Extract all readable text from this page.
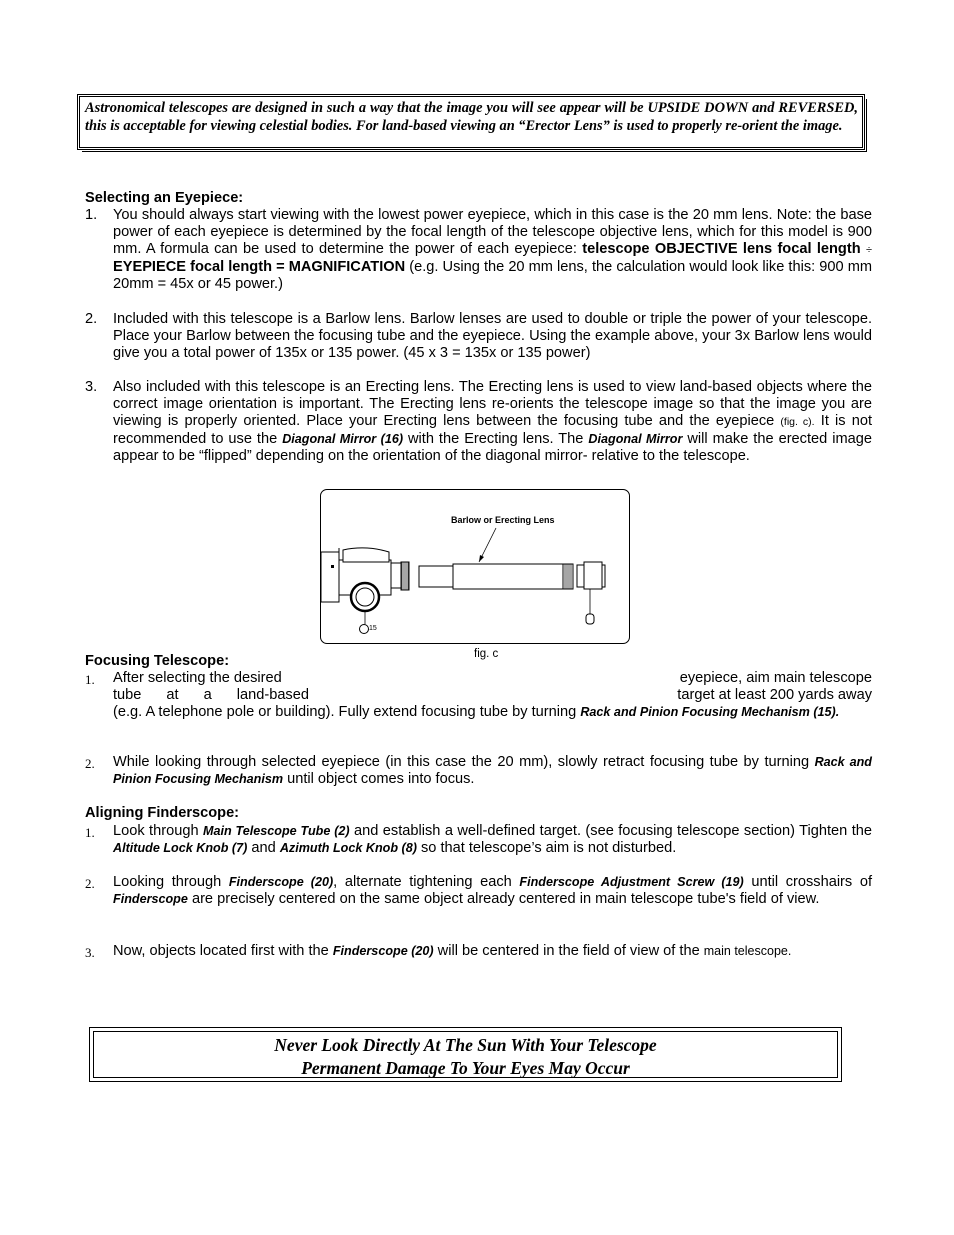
Astronomical telescopes are designed in such a way that the image you will see appear will be UPSIDE DOWN and REVERSED, this is acceptable for viewing celestial bodies. For land-based viewing an “Erector Lens” is used to properly re-orient the image.
Selecting an Eyepiece:
1. You should always start viewing with the lowest power eyepiece, which in this case is the 20 mm lens. Note: the base power of each eyepiece is determined by the focal length of the telescope objective lens, which for this model is 900 mm. A formula can be used to determine the power of each eyepiece: telescope OBJECTIVE lens focal length ÷ EYEPIECE focal length = MAGNIFICATION (e.g. Using the 20 mm lens, the calculation would look like this: 900 mm 20mm = 45x or 45 power.)
2. Included with this telescope is a Barlow lens. Barlow lenses are used to double or triple the power of your telescope. Place your Barlow between the focusing tube and the eyepiece. Using the example above, your 3x Barlow lens would give you a total power of 135x or 135 power. (45 x 3 = 135x or 135 power)
3. Also included with this telescope is an Erecting lens. The Erecting lens is used to view land-based objects where the correct image orientation is important. The Erecting lens re-orients the telescope image so that the image you are viewing is properly oriented. Place your Erecting lens between the focusing tube and the eyepiece (fig. c). It is not recommended to use the Diagonal Mirror (16) with the Erecting lens. The Diagonal Mirror will make the erected image appear to be “flipped” depending on the orientation of the diagonal mirror- relative to the telescope.
Barlow or Erecting Lens
15
fig. c
Focusing Telescope:
1. After selecting the desired	eyepiece, aim main telescope
tube at a land-based	target at least 200 yards away
(e.g. A telephone pole or building). Fully extend focusing tube by turning Rack and Pinion Focusing Mechanism (15).
2. While looking through selected eyepiece (in this case the 20 mm), slowly retract focusing tube by turning Rack and Pinion Focusing Mechanism until object comes into focus.
Aligning Finderscope:
1. Look through Main Telescope Tube (2) and establish a well-defined target. (see focusing telescope section) Tighten the Altitude Lock Knob (7) and Azimuth Lock Knob (8) so that telescope’s aim is not disturbed.
2. Looking through Finderscope (20), alternate tightening each Finderscope Adjustment Screw (19) until crosshairs of Finderscope are precisely centered on the same object already centered in main telescope tube's field of view.
3. Now, objects located first with the Finderscope (20) will be centered in the field of view of the main telescope.
Never Look Directly At The Sun With Your Telescope
Permanent Damage To Your Eyes May Occur
